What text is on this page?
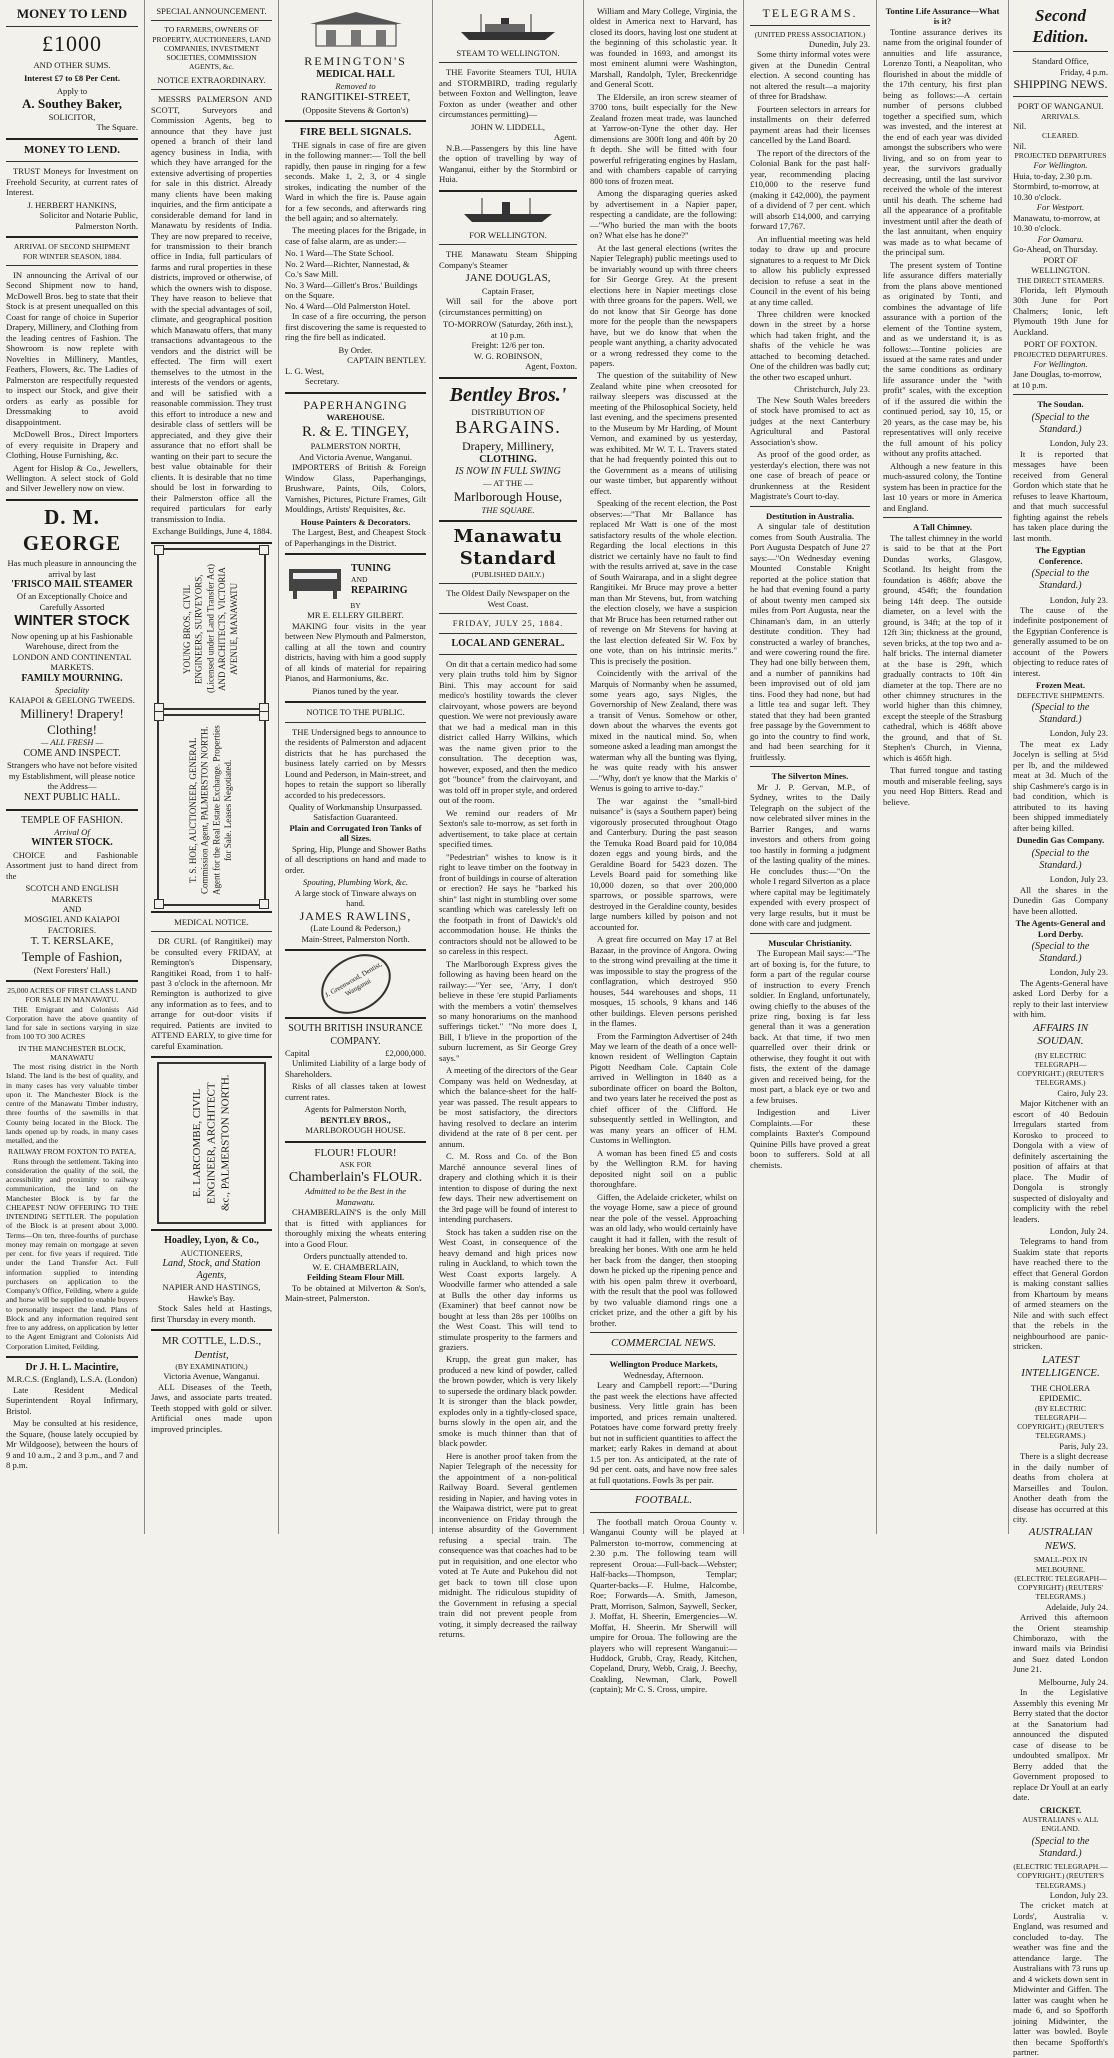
MONEY TO LEND
£1000
AND OTHER SUMS.
Interest £7 to £8 Per Cent.
Apply to
A. Southey Baker,
SOLICITOR,
The Square.
MONEY TO LEND.

TRUST Moneys for Investment on Freehold Security, at current rates of Interest.

J. HERBERT HANKINS,
Solicitor and Notarie Public, Palmerston North.
ARRIVAL OF SECOND SHIPMENT FOR WINTER SEASON, 1884.

IN announcing the Arrival of our Second Shipment now to hand, McDowell Bros. beg to state that their Stock is at present unequalled on this Coast for range of choice in Superior Drapery, Millinery, and Clothing from the leading centres of Fashion. The Showroom is now replete with Novelties in Millinery, Mantles, Feathers, Flowers, &c. The Ladies of Palmerston are respectfully requested to inspect our Stock, and give their orders as early as possible for Dressmaking to avoid disappointment.

McDowell Bros., Direct Importers of every requisite in Drapery and Clothing, House Furnishing, &c.

Agent for Hislop & Co., Jewellers, Wellington. A select stock of Gold and Silver Jewellery now on view.

D. M. GEORGE
Has much pleasure in announcing the arrival by last
'FRISCO MAIL STEAMER
Of an Exceptionally Choice and Carefully Assorted
WINTER STOCK
Now opening up at his Fashionable Warehouse, direct from the
LONDON AND CONTINENTAL MARKETS.
FAMILY MOURNING.
Speciality
KAIAPOI & GEELONG TWEEDS.
Millinery! Drapery! Clothing!
— ALL FRESH —
COME AND INSPECT.
Strangers who have not before visited my Establishment, will please notice the Address—
NEXT PUBLIC HALL.
TEMPLE OF FASHION.
Arrival Of
WINTER STOCK.

CHOICE and Fashionable Assortment just to hand direct from the

SCOTCH AND ENGLISH MARKETS
AND
MOSGIEL AND KAIAPOI FACTORIES.
T. T. KERSLAKE,
Temple of Fashion,
(Next Foresters' Hall.)
25,000 ACRES OF FIRST CLASS LAND FOR SALE IN MANAWATU.

THE Emigrant and Colonists Aid Corporation have the above quantity of land for sale in sections varying in size from 100 TO 300 ACRES

IN THE MANCHESTER BLOCK, MANAWATU

The most rising district in the North Island. The land is the best of quality, and in many cases has very valuable timber upon it. The Manchester Block is the centre of the Manawatu Timber industry, three fourths of the sawmills in that County being located in the Block. The lands opened up by roads, in many cases metalled, and the

RAILWAY FROM FOXTON TO PATEA,

Runs through the settlement. Taking into consideration the quality of the soil, the accessibility and proximity to railway communication, the land on the Manchester Block is by far the CHEAPEST NOW OFFERING TO THE INTENDING SETTLER. The population of the Block is at present about 3,000. Terms—On ten, three-fourths of purchase money may remain on mortgage at seven per cent. for five years if required. Title under the Land Transfer Act. Full information supplied to intending purchasers on application to the Company's Office, Feilding, where a guide and horse will be supplied to enable buyers to personally inspect the land. Plans of Block and any information required sent free to any address, on application by letter to the Agent Emigrant and Colonists Aid Corporation Limited, Feilding.

Dr J. H. L. Macintire,
M.R.C.S. (England), L.S.A. (London)

Late Resident Medical Superintendent Royal Infirmary, Bristol.

May be consulted at his residence, the Square, (house lately occupied by Mr Wildgoose), between the hours of 9 and 10 a.m., 2 and 3 p.m., and 7 and 8 p.m.

SPECIAL ANNOUNCEMENT.
TO FARMERS, OWNERS OF PROPERTY, AUCTIONEERS, LAND COMPANIES, INVESTMENT SOCIETIES, COMMISSION AGENTS, &c.
NOTICE EXTRAORDINARY.

MESSRS PALMERSON AND SCOTT, Surveyors and Commission Agents, beg to announce that they have just opened a branch of their land agency business in India, with which they have arranged for the extensive advertising of properties for sale in this district. Already many clients have been making inquiries, and the firm anticipate a considerable demand for land in Manawatu by residents of India. They are now prepared to receive, for transmission to their branch office in India, full particulars of farms and rural properties in these districts, improved or otherwise, of which the owners wish to dispose. They have reason to believe that with the special advantages of soil, climate, and geographical position which Manawatu offers, that many transactions advantageous to the vendors and the district will be effected. The firm will exert themselves to the utmost in the interests of the vendors or agents, and will be satisfied with a reasonable commission. They trust this effort to introduce a new and desirable class of settlers will be appreciated, and they give their assurance that no effort shall be wanting on their part to secure the best value obtainable for their clients. It is desirable that no time should be lost in forwarding to their Palmerston office all the required particulars for early transmission to India.

Exchange Buildings, June 4, 1884.
YOUNG BROS., CIVIL ENGINEERS, SURVEYORS, (Licensed under Land Transfer Act) AND ARCHITECTS, VICTORIA AVENUE, MANAWATU
T. S. HOE, AUCTIONEER, GENERAL Commission Agent, PALMERSTON NORTH. Agent for the Real Estate Exchange. Properties for Sale. Leases Negotiated.
MEDICAL NOTICE.

DR CURL (of Rangitikei) may be consulted every FRIDAY, at Remington's Dispensary, Rangitikei Road, from 1 to half-past 3 o'clock in the afternoon. Mr Remington is authorized to give any information as to fees, and to arrange for out-door visits if required. Patients are invited to ATTEND EARLY, to give time for careful Examination.

E. LARCOMBE, CIVIL ENGINEER, ARCHITECT &c., PALMERSTON NORTH.
Hoadley, Lyon, & Co.,
AUCTIONEERS,
Land, Stock, and Station Agents,
NAPIER AND HASTINGS,
Hawke's Bay.

Stock Sales held at Hastings, first Thursday in every month.

MR COTTLE, L.D.S.,
Dentist,
(BY EXAMINATION,)
Victoria Avenue, Wanganui.

ALL Diseases of the Teeth, Jaws, and associate parts treated. Teeth stopped with gold or silver. Artificial ones made upon improved principles.

REMINGTON'S
MEDICAL HALL
Removed to
RANGITIKEI-STREET,
(Opposite Stevens & Gorton's)
FIRE BELL SIGNALS.

THE signals in case of fire are given in the following manner:— Toll the bell rapidly, then pause in ringing for a few seconds. Make 1, 2, 3, or 4 single strokes, indicating the number of the Ward in which the fire is. Pause again for a few seconds, and afterwards ring the bell again; and so alternately.

The meeting places for the Brigade, in case of false alarm, are as under:—

No. 1 Ward—The State School.
No. 2 Ward—Richter, Nannestad, & Co.'s Saw Mill.
No. 3 Ward—Gillett's Bros.' Buildings on the Square.
No. 4 Ward—Old Palmerston Hotel.

In case of a fire occurring, the person first discovering the same is requested to ring the fire bell as indicated.

By Order.
CAPTAIN BENTLEY.
L. G. West,
Secretary.
PAPERHANGING
WAREHOUSE.
R. & E. TINGEY,
PALMERSTON NORTH,
And Victoria Avenue, Wanganui.

IMPORTERS of British & Foreign Window Glass, Paperhangings, Brushware, Paints, Oils, Colors, Varnishes, Pictures, Picture Frames, Gilt Mouldings, Artists' Requisites, &c.

House Painters & Decorators.

The Largest, Best, and Cheapest Stock of Paperhangings in the District.

TUNING
AND
REPAIRING
BY
MR E. ELLERY GILBERT.

MAKING four visits in the year between New Plymouth and Palmerston, calling at all the town and country districts, having with him a good supply of all kinds of material for repairing Pianos, and Harmoniums, &c.

Pianos tuned by the year.
NOTICE TO THE PUBLIC.

THE Undersigned begs to announce to the residents of Palmerston and adjacent districts that he has purchased the business lately carried on by Messrs Lound and Pederson, in Main-street, and hopes to retain the support so liberally accorded to his predecessors.

Quality of Workmanship Unsurpassed.
Satisfaction Guaranteed.
Plain and Corrugated Iron Tanks of all Sizes.

Spring, Hip, Plunge and Shower Baths of all descriptions on hand and made to order.

Spouting, Plumbing Work, &c.
A large stock of Tinware always on hand.
JAMES RAWLINS,
(Late Lound & Pederson,)
Main-Street, Palmerston North.
J. Greenwood, Dentist, Wanganui
SOUTH BRITISH INSURANCE COMPANY.
Capital	£2,000,000.

Unlimited Liability of a large body of Shareholders.

Risks of all classes taken at lowest current rates.

Agents for Palmerston North,
BENTLEY BROS.,
MARLBOROUGH HOUSE.
FLOUR! FLOUR!
ASK FOR
Chamberlain's FLOUR.
Admitted to be the Best in the Manawatu.

CHAMBERLAIN'S is the only Mill that is fitted with appliances for thoroughly mixing the wheats entering into a Good Flour.

Orders punctually attended to.
W. E. CHAMBERLAIN,
Feilding Steam Flour Mill.

To be obtained at Milverton & Son's, Main-street, Palmerston.

STEAM TO WELLINGTON.

THE Favorite Steamers TUI, HUIA and STORMBIRD, trading regularly between Foxton and Wellington, leave Foxton as under (weather and other circumstances permitting)—

JOHN W. LIDDELL,
Agent.

N.B.—Passengers by this line have the option of travelling by way of Wanganui, either by the Stormbird or Huia.

FOR WELLINGTON.

THE Manawatu Steam Shipping Company's Steamer

JANE DOUGLAS,
Captain Fraser,

Will sail for the above port (circumstances permitting) on

TO-MORROW (Saturday, 26th inst.), at 10 p.m.
Freight: 12/6 per ton.
W. G. ROBINSON,
Agent, Foxton.
Bentley Bros.'
DISTRIBUTION OF
BARGAINS.
Drapery, Millinery,
CLOTHING.
IS NOW IN FULL SWING
— AT THE —
Marlborough House,
THE SQUARE.
Manawatu Standard
(PUBLISHED DAILY.)
The Oldest Daily Newspaper on the West Coast.
FRIDAY, JULY 25, 1884.
LOCAL AND GENERAL.

On dit that a certain medico had some very plain truths told him by Signor Bini. This may account for said medico's hostility towards the clever clairvoyant, whose powers are beyond question. We were not previously aware that we had a medical man in this district called Harry Wilkins, which was the name given prior to the consultation. The deception was, however, exposed, and then the medico got "bounce" from the clairvoyant, and was told off in proper style, and ordered out of the room.

We remind our readers of Mr Sexton's sale to-morrow, as set forth in advertisement, to take place at certain specified times.

"Pedestrian" wishes to know is it right to leave timber on the footway in front of buildings in course of alteration or erection? He says he "barked his shin" last night in stumbling over some scantling which was carelessly left on the footpath in front of Dawick's old accommodation house. He thinks the contractors should not be allowed to be so careless in this respect.

The Marlborough Express gives the following as having been heard on the railway:—"Yer see, 'Arry, I don't believe in these 'ere stupid Parliaments with the members a votin' themselves so many honorariums on the manhood sufferings ticket." "No more does I, Bill, I b'lieve in the proportion of the suburn lucrement, as Sir George Grey says."

A meeting of the directors of the Gear Company was held on Wednesday, at which the balance-sheet for the half-year was passed. The result appears to be most satisfactory, the directors having resolved to declare an interim dividend at the rate of 8 per cent. per annum.

C. M. Ross and Co. of the Bon Marché announce several lines of drapery and clothing which it is their intention to dispose of during the next few days. Their new advertisement on the 3rd page will be found of interest to intending purchasers.

Stock has taken a sudden rise on the West Coast, in consequence of the heavy demand and high prices now ruling in Auckland, to which town the West Coast exports largely. A Woodville farmer who attended a sale at Bulls the other day informs us (Examiner) that beef cannot now be bought at less than 28s per 100lbs on the West Coast. This will tend to stimulate prosperity to the farmers and graziers.

Krupp, the great gun maker, has produced a new kind of powder, called the brown powder, which is very likely to supersede the ordinary black powder. It is stronger than the black powder, explodes only in a tightly-closed space, burns slowly in the open air, and the smoke is much thinner than that of black powder.

Here is another proof taken from the Napier Telegraph of the necessity for the appointment of a non-political Railway Board. Several gentlemen residing in Napier, and having votes in the Waipawa district, were put to great inconvenience on Friday through the intense absurdity of the Government refusing a special train. The consequence was that coaches had to be put in requisition, and one elector who voted at Te Aute and Pukehou did not get back to town till close upon midnight. The ridiculous stupidity of the Government in refusing a special train did not prevent people from voting, it simply decreased the railway returns.

William and Mary College, Virginia, the oldest in America next to Harvard, has closed its doors, having lost one student at the beginning of this scholastic year. It was founded in 1693, and amongst its most eminent alumni were Washington, Marshall, Randolph, Tyler, Breckenridge and General Scott.

The Eldersile, an iron screw steamer of 3700 tons, built especially for the New Zealand frozen meat trade, was launched at Yarrow-on-Tyne the other day. Her dimensions are 300ft long and 40ft by 20 ft depth. She will be fitted with four powerful refrigerating engines by Haslam, and with chambers capable of carrying 800 tons of frozen meat.

Among the disparaging queries asked by advertisement in a Napier paper, respecting a candidate, are the following:—"Who buried the man with the boots on? What else has he done?"

At the last general elections (writes the Napier Telegraph) public meetings used to be invariably wound up with three cheers for Sir George Grey. At the present elections here in Napier meetings close with three groans for the papers. Well, we do not know that Sir George has done more for the people than the newspapers have, but we do know that when the people want anything, a charity advocated or a wrong redressed they come to the papers.

The question of the suitability of New Zealand white pine when creosoted for railway sleepers was discussed at the meeting of the Philosophical Society, held last evening, and the specimens presented to the Museum by Mr Harding, of Mount Vernon, and examined by us yesterday, was exhibited. Mr W. T. L. Travers stated that he had frequently pointed this out to the Government as a means of utilising our waste timber, but apparently without effect.

Speaking of the recent election, the Post observes:—"That Mr Ballance has replaced Mr Watt is one of the most satisfactory results of the whole election. Regarding the local elections in this district we certainly have no fault to find with the results arrived at, save in the case of South Wairarapa, and in a slight degree Rangitikei. Mr Bruce may prove a better man than Mr Stevens, but, from watching the election closely, we have a suspicion that Mr Bruce has been returned rather out of revenge on Mr Stevens for having at the last election defeated Sir W. Fox by one vote, than on his intrinsic merits." This is precisely the position.

Coincidently with the arrival of the Marquis of Normanby when he assumed, some years ago, says Nigles, the Governorship of New Zealand, there was a transit of Venus. Somehow or other, down about the wharves the events got mixed in the nautical mind. So, when someone asked a leading man amongst the waterman why all the bunting was flying, he was quite ready with his answer—"Why, don't ye know that the Markis o' Wenus is going to arrive to-day."

The war against the "small-bird nuisance" is (says a Southern paper) being vigorously prosecuted throughout Otago and Canterbury. During the past season the Temuka Road Board paid for 10,084 dozen eggs and young birds, and the Geraldine Board for 5423 dozen. The Levels Board paid for something like 10,000 dozen, so that over 200,000 sparrows, or possible sparrows, were destroyed in the Geraldine county, besides large numbers killed by poison and not accounted for.

A great fire occurred on May 17 at Bel Bazaar, in the province of Angora. Owing to the strong wind prevailing at the time it was impossible to stay the progress of the conflagration, which destroyed 950 houses, 544 warehouses and shops, 11 mosques, 15 schools, 9 khans and 146 other buildings. Eleven persons perished in the flames.

From the Farmington Advertiser of 24th May we learn of the death of a once well-known resident of Wellington Captain Pigott Needham Cole. Captain Cole arrived in Wellington in 1840 as a subordinate officer on board the Bolton, and two years later he received the post as chief officer of the Clifford. He subsequently settled in Wellington, and was many years an officer of H.M. Customs in Wellington.

A woman has been fined £5 and costs by the Wellington R.M. for having deposited night soil on a public thoroughfare.

Giffen, the Adelaide cricketer, whilst on the voyage Home, saw a piece of ground near the pole of the vessel. Approaching was an old lady, who would certainly have caught it had it fallen, with the result of breaking her bones. With one arm he held her back from the danger, then stooping down he picked up the ripening pence and with his open palm threw it overboard, with the result that the pool was followed by two valuable diamond rings one a cricket prize, and the other a gift by his brother.

COMMERCIAL NEWS.
Wellington Produce Markets,
Wednesday, Afternoon.

Leary and Campbell report:—"During the past week the elections have affected business. Very little grain has been imported, and prices remain unaltered. Potatoes have come forward pretty freely but not in sufficient quantities to affect the market; early Rakes in demand at about 1.5 per ton. As anticipated, at the rate of 9d per cent. oats, and have now free sales at full quotations. Fowls 3s per pair.

FOOTBALL.

The football match Oroua County v. Wanganui County will be played at Palmerston to-morrow, commencing at 2.30 p.m. The following team will represent Oroua:—Full-back—Webster; Half-backs—Thompson, Templar; Quarter-backs—F. Hulme, Halcombe, Roe; Forwards—A. Smith, Jameson, Pratt, Morrison, Salmon, Saywell, Secker, J. Moffat, H. Sheerin, Emergencies—W. Moffat, H. Sheerin. Mr Sherwill will umpire for Oroua. The following are the players who will represent Wanganui:—Huddock, Grubb, Cray, Ready, Kitchen, Copeland, Drury, Webb, Craig, J. Beechy, Coakling, Newman, Clark, Powell (captain); Mr C. S. Cross, umpire.

TELEGRAMS.
(UNITED PRESS ASSOCIATION.)
Dunedin, July 23.

Some thirty informal votes were given at the Dunedin Central election. A second counting has not altered the result—a majority of three for Bradshaw.

Fourteen selectors in arrears for installments on their deferred payment areas had their licenses cancelled by the Land Board.

The report of the directors of the Colonial Bank for the past half-year, recommending placing £10,000 to the reserve fund (making it £42,000), the payment of a dividend of 7 per cent. which will absorb £14,000, and carrying forward 17,767.

An influential meeting was held today to draw up and procure signatures to a request to Mr Dick to allow his publicly expressed decision to refuse a seat in the Council in the event of his being at any time called.

Three children were knocked down in the street by a horse which had taken fright, and the shafts of the vehicle he was attached to becoming detached. One of the children was badly cut; the other two escaped unhurt.

Christchurch, July 23.

The New South Wales breeders of stock have promised to act as judges at the next Canterbury Agricultural and Pastoral Association's show.

As proof of the good order, as yesterday's election, there was not one case of breach of peace or drunkenness at the Resident Magistrate's Court to-day.

Destitution in Australia.

A singular tale of destitution comes from South Australia. The Port Augusta Despatch of June 27 says:—"On Wednesday evening Mounted Constable Knight reported at the police station that he had that evening found a party of about twenty men camped six miles from Port Augusta, near the Chinaman's dam, in an utterly destitute condition. They had constructed a warley of branches, and were cowering round the fire. They had one billy between them, and a number of pannikins had been improvised out of old jam tins. Food they had none, but had a little tea and sugar left. They stated that they had been granted free passage by the Government to go into the country to find work, and had been searching for it fruitlessly.

The Silverton Mines.

Mr J. P. Gervan, M.P., of Sydney, writes to the Daily Telegraph on the subject of the now celebrated silver mines in the Barrier Ranges, and warns investors and others from going too hastily in forming a judgment of the lasting quality of the mines. He concludes thus:—"On the whole I regard Silverton as a place where capital may be legitimately expended with every prospect of very large results, but it must be done with care and judgment.

Muscular Christianity.

The European Mail says:—"The art of boxing is, for the future, to form a part of the regular course of instruction to every French soldier. In England, unfortunately, owing chiefly to the abuses of the prize ring, boxing is far less general than it was a generation back. At that time, if two men quarrelled over their drink or otherwise, they fought it out with fists, the extent of the damage given and received being, for the most part, a black eye or two and a few bruises.

Indigestion and Liver Complaints.—For these complaints Baxter's Compound Quinine Pills have proved a great boon to sufferers. Sold at all chemists.

Tontine Life Assurance—What is it?

Tontine assurance derives its name from the original founder of annuities and life assurance, Lorenzo Tonti, a Neapolitan, who flourished in about the middle of the 17th century, his first plan being as follows:—A certain number of persons clubbed together a specified sum, which was invested, and the interest at the end of each year was divided amongst the subscribers who were living, and so on from year to year, the survivors gradually decreasing, until the last survivor received the whole of the interest until his death. The scheme had all the appearance of a profitable investment until after the death of the last annuitant, when enquiry was made as to what became of the principal sum.

The present system of Tontine life assurance differs materially from the plans above mentioned as originated by Tonti, and combines the advantage of life assurance with a portion of the element of the Tontine system, and as we understand it, is as follows:—Tontine policies are issued at the same rates and under the same conditions as ordinary life assurance under the "with profit" scales, with the exception of if the assured die within the continued period, say 10, 15, or 20 years, as the case may be, his representatives will only receive the full amount of his policy without any profits attached.

Although a new feature in this much-assured colony, the Tontine system has been in practice for the last 10 years or more in America and England.

A Tall Chimney.

The tallest chimney in the world is said to be that at the Port Dundas works, Glasgow, Scotland. Its height from the foundation is 468ft; above the ground, 454ft; the foundation being 14ft deep. The outside diameter, on a level with the ground, is 34ft; at the top of it 12ft 3in; thickness at the ground, seven bricks, at the top two and a-half bricks. The internal diameter at the base is 29ft, which gradually contracts to 10ft 4in diameter at the top. There are no other chimney structures in the world higher than this chimney, except the steeple of the Strasburg cathedral, which is 468ft above the ground, and that of St. Stephen's Church, in Vienna, which is 465ft high.

That furred tongue and tasting mouth and miserable feeling, says you need Hop Bitters. Read and believe.

Second Edition.
Standard Office,
Friday, 4 p.m.
SHIPPING NEWS.
PORT OF WANGANUI.
ARRIVALS.
Nil.
CLEARED.
Nil.
PROJECTED DEPARTURES
For Wellington.
Huia, to-day, 2.30 p.m.
Stormbird, to-morrow, at 10.30 o'clock.
For Westport.
Manawatu, to-morrow, at 10.30 o'clock.
For Oamaru.
Go-Ahead, on Thursday.
PORT OF WELLINGTON.
THE DIRECT STEAMERS.

Florida, left Plymouth 30th June for Port Chalmers; Ionic, left Plymouth 19th June for Auckland.

PORT OF FOXTON.
PROJECTED DEPARTURES.
For Wellington.
Jane Douglas, to-morrow, at 10 p.m.
The Soudan.
(Special to the Standard.)
London, July 23.

It is reported that messages have been received from General Gordon which state that he refuses to leave Khartoum, and that much successful fighting against the rebels has taken place during the last month.

The Egyptian Conference.
(Special to the Standard.)
London, July 23.

The cause of the indefinite postponement of the Egyptian Conference is generally assumed to be on account of the Powers objecting to reduce rates of interest.

Frozen Meat.
DEFECTIVE SHIPMENTS.
(Special to the Standard.)
London, July 23.

The meat ex Lady Jocelyn is selling at 5½d per lb, and the mildewed meat at 3d. Much of the ship Cashmere's cargo is in bad condition, which is attributed to its having been shipped immediately after being killed.

Dunedin Gas Company.
(Special to the Standard.)
London, July 23.

All the shares in the Dunedin Gas Company have been allotted.

The Agents-General and Lord Derby.
(Special to the Standard.)
London, July 23.

The Agents-General have asked Lord Derby for a reply to their last interview with him.

AFFAIRS IN SOUDAN.
(BY ELECTRIC TELEGRAPH—COPYRIGHT.) (REUTER'S TELEGRAMS.)
Cairo, July 23.

Major Kitchener with an escort of 40 Bedouin Irregulars started from Korosko to proceed to Dongola with a view of definitely ascertaining the position of affairs at that place. The Mudir of Dongola is strongly suspected of disloyalty and complicity with the rebel leaders.

London, July 24.

Telegrams to hand from Suakim state that reports have reached there to the effect that General Gordon is making constant sallies from Khartoum by means of armed steamers on the Nile and with such effect that the rebels in the neighbourhood are panic-stricken.

LATEST INTELLIGENCE.
THE CHOLERA EPIDEMIC.
(BY ELECTRIC TELEGRAPH—COPYRIGHT.) (REUTER'S TELEGRAMS.)
Paris, July 23.

There is a slight decrease in the daily number of deaths from cholera at Marseilles and Toulon. Another death from the disease has occurred at this city.

AUSTRALIAN NEWS.
SMALL-POX IN MELBOURNE.
(ELECTRIC TELEGRAPH—COPYRIGHT) (REUTERS' TELEGRAMS.)
Adelaide, July 24.

Arrived this afternoon the Orient steamship Chimborazo, with the inward mails via Brindisi and Suez dated London June 21.

Melbourne, July 24.

In the Legislative Assembly this evening Mr Berry stated that the doctor at the Sanatorium had announced the disputed case of disease to be undoubted smallpox. Mr Berry added that the Government proposed to replace Dr Youll at an early date.

CRICKET.
AUSTRALIANS v. ALL ENGLAND.
(Special to the Standard.)
(ELECTRIC TELEGRAPH.—COPYRIGHT.) (REUTER'S TELEGRAMS.)
London, July 23.

The cricket match at Lords', Australia v. England, was resumed and concluded to-day. The weather was fine and the attendance large. The Australians with 73 runs up and 4 wickets down sent in Midwinter and Giffen. The latter was caught when he made 6, and so Spofforth joining Midwinter, the latter was bowled. Boyle then became Spofforth's partner.
